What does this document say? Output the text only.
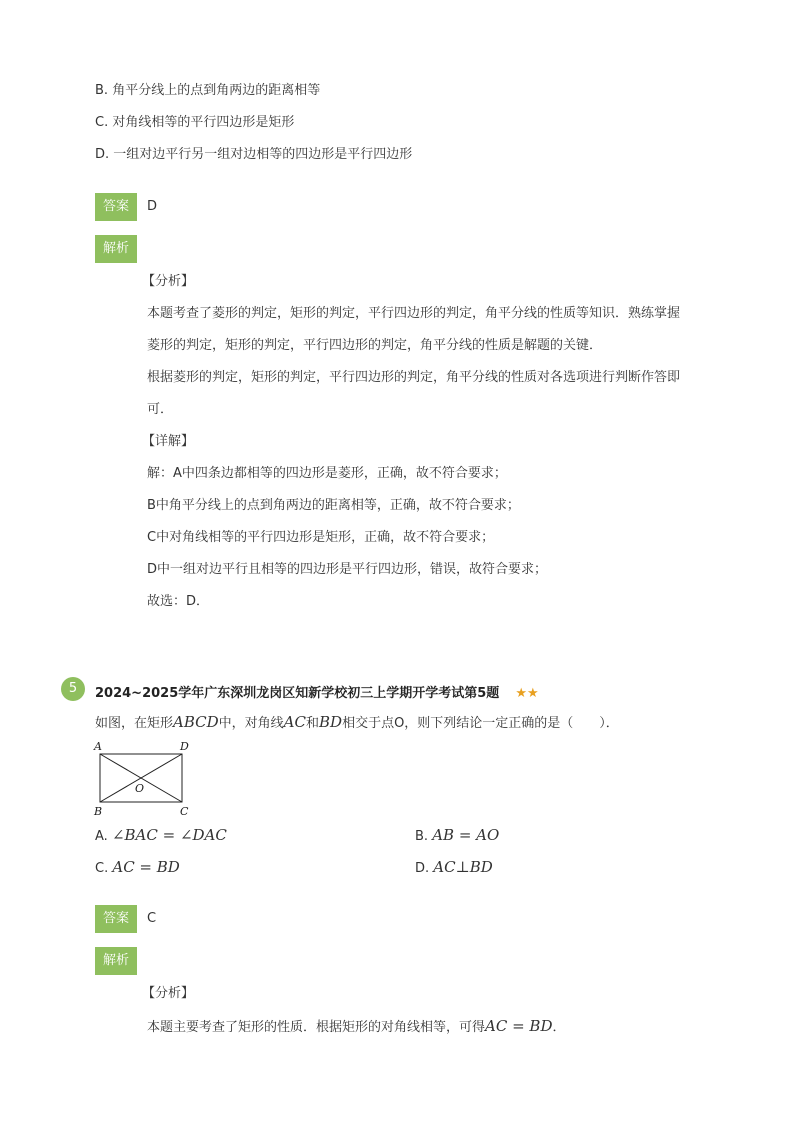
B. 角平分线上的点到角两边的距离相等
C. 对角线相等的平行四边形是矩形
D. 一组对边平行另一组对边相等的四边形是平行四边形
答案	D
解析
【分析】
本题考查了菱形的判定，矩形的判定，平行四边形的判定，角平分线的性质等知识．熟练掌握
菱形的判定，矩形的判定，平行四边形的判定，角平分线的性质是解题的关键．
根据菱形的判定，矩形的判定，平行四边形的判定，角平分线的性质对各选项进行判断作答即
可．
【详解】
解：A中四条边都相等的四边形是菱形，正确，故不符合要求；
B中角平分线上的点到角两边的距离相等，正确，故不符合要求；
C中对角线相等的平行四边形是矩形，正确，故不符合要求；
D中一组对边平行且相等的四边形是平行四边形，错误，故符合要求；
故选：D．
5	2024~2025学年广东深圳龙岗区知新学校初三上学期开学考试第5题 ★★
如图，在矩形ABCD中，对角线AC和BD相交于点O，则下列结论一定正确的是（　　）．
A	D
B	C
O
A. ∠BAC = ∠DAC	B. AB = AO
C. AC = BD	D. AC⊥BD
答案	C
解析
【分析】
本题主要考查了矩形的性质．根据矩形的对角线相等，可得AC = BD．
